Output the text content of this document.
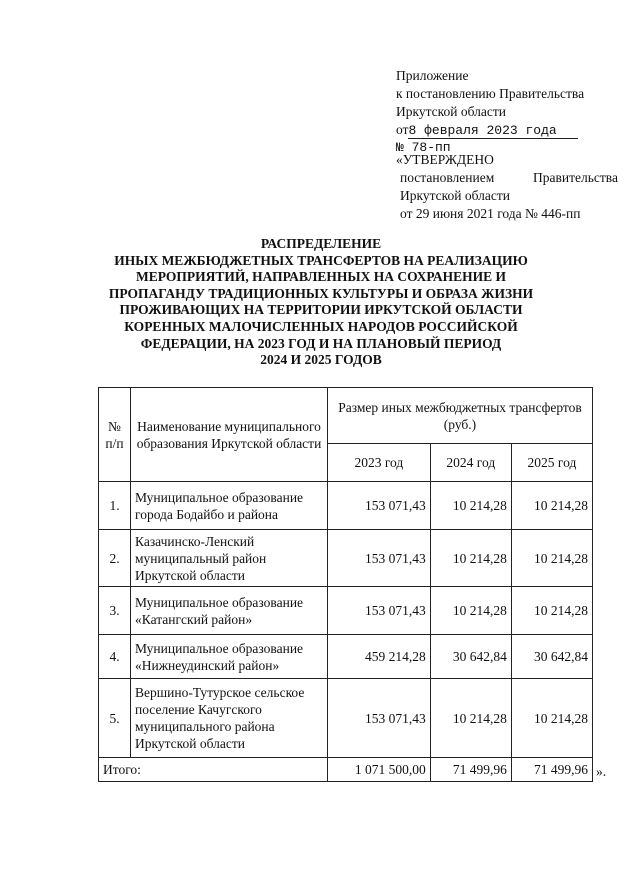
Приложение
к постановлению Правительства
Иркутской области
от8 февраля 2023 года
№ 78-пп
«УТВЕРЖДЕНО
постановлением	Правительства
Иркутской области
от 29 июня 2021 года № 446-пп
РАСПРЕДЕЛЕНИЕ
ИНЫХ МЕЖБЮДЖЕТНЫХ ТРАНСФЕРТОВ НА РЕАЛИЗАЦИЮ
МЕРОПРИЯТИЙ, НАПРАВЛЕННЫХ НА СОХРАНЕНИЕ И
ПРОПАГАНДУ ТРАДИЦИОННЫХ КУЛЬТУРЫ И ОБРАЗА ЖИЗНИ
ПРОЖИВАЮЩИХ НА ТЕРРИТОРИИ ИРКУТСКОЙ ОБЛАСТИ
КОРЕННЫХ МАЛОЧИСЛЕННЫХ НАРОДОВ РОССИЙСКОЙ
ФЕДЕРАЦИИ, НА 2023 ГОД И НА ПЛАНОВЫЙ ПЕРИОД
2024 И 2025 ГОДОВ
№ п/п	Наименование муниципального образования Иркутской области	Размер иных межбюджетных трансфертов (руб.)		
		2023 год	2024 год	2025 год
1.	Муниципальное образование города Бодайбо и района	153 071,43	10 214,28	10 214,28
2.	Казачинско-Ленский муниципальный район Иркутской области	153 071,43	10 214,28	10 214,28
3.	Муниципальное образование «Катангский район»	153 071,43	10 214,28	10 214,28
4.	Муниципальное образование «Нижнеудинский район»	459 214,28	30 642,84	30 642,84
5.	Вершино-Тутурское сельское поселение Качугского муниципального района Иркутской области	153 071,43	10 214,28	10 214,28
Итого:		1 071 500,00	71 499,96	71 499,96 ».
